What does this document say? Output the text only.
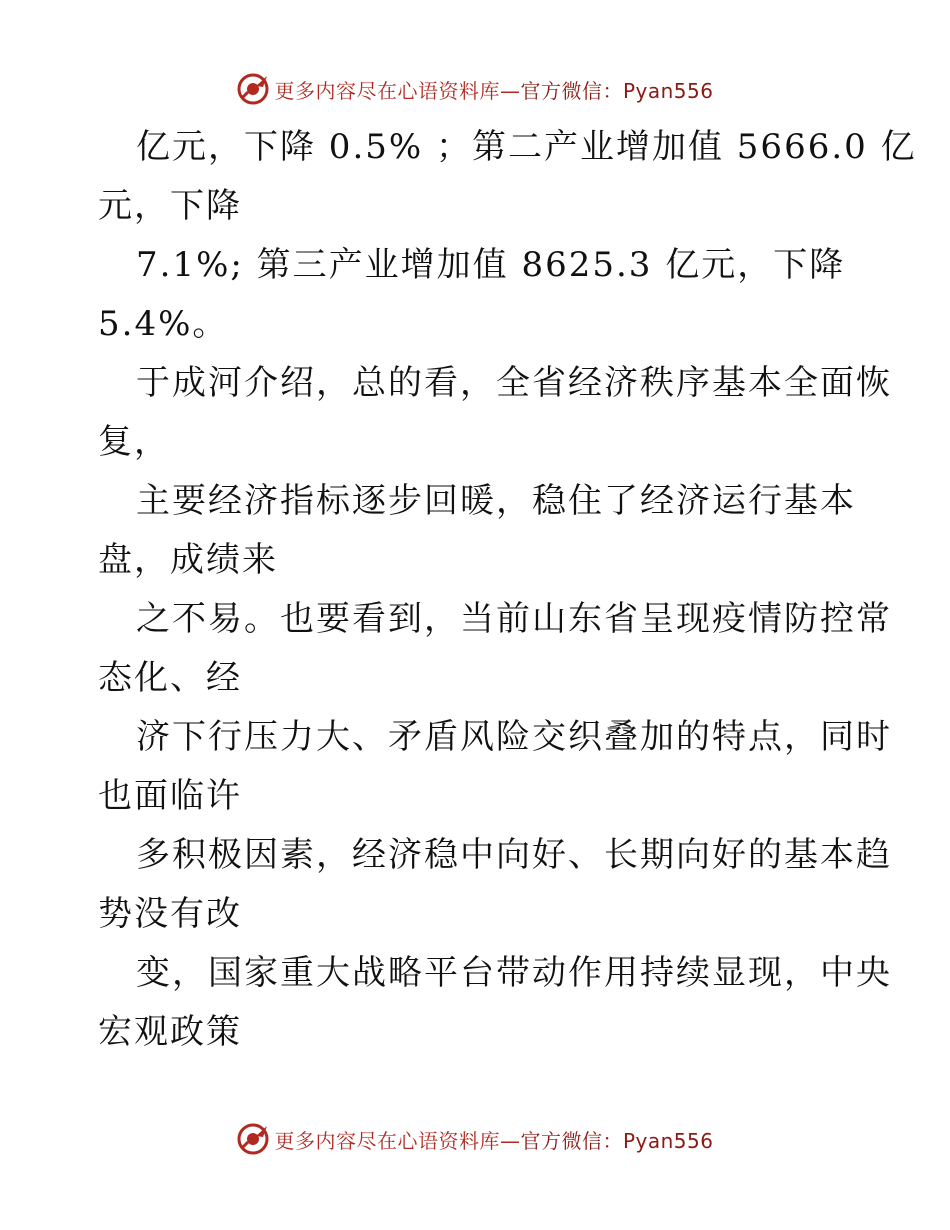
更多内容尽在心语资料库—官方微信：Pyan556
亿元，下降 0.5% ；第二产业增加值 5666.0 亿
元，下降
7.1%; 第三产业增加值 8625.3 亿元，下降
5.4%。
于成河介绍，总的看，全省经济秩序基本全面恢
复，
主要经济指标逐步回暖，稳住了经济运行基本
盘，成绩来
之不易。也要看到，当前山东省呈现疫情防控常
态化、经
济下行压力大、矛盾风险交织叠加的特点，同时
也面临许
多积极因素，经济稳中向好、长期向好的基本趋
势没有改
变，国家重大战略平台带动作用持续显现，中央
宏观政策
更多内容尽在心语资料库—官方微信：Pyan556
